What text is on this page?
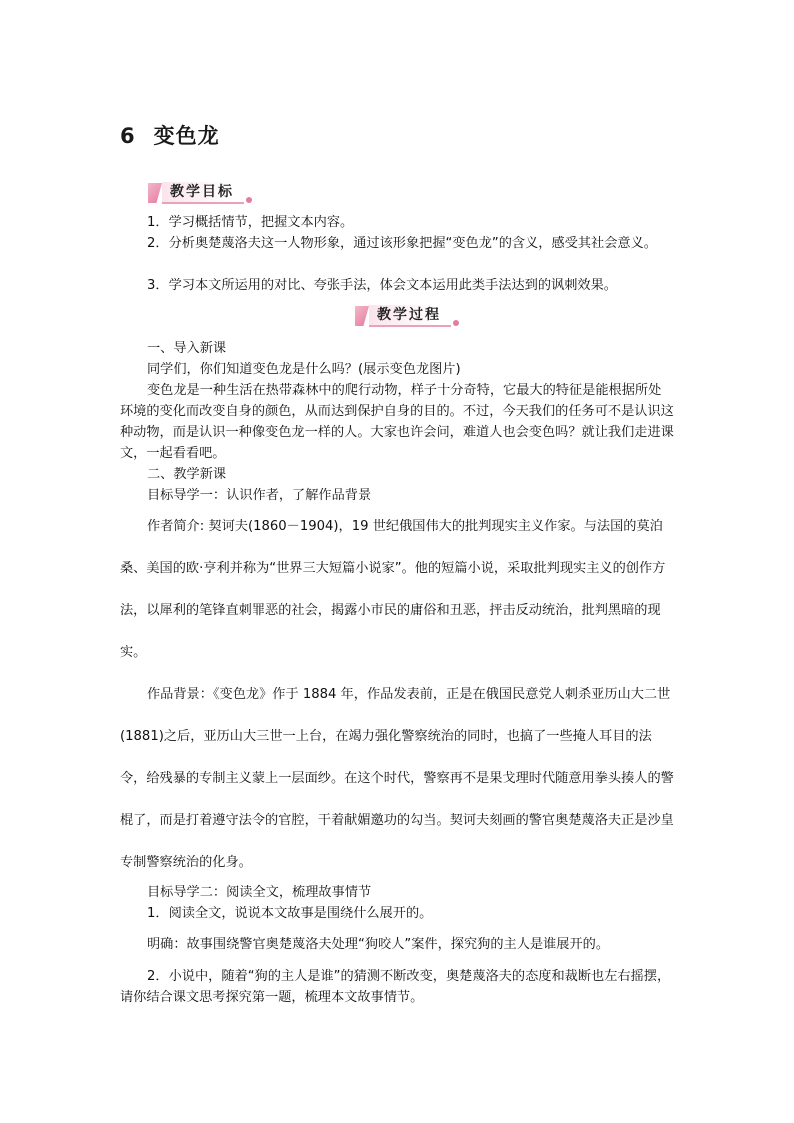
6 变色龙
教学目标
1．学习概括情节，把握文本内容。
2．分析奥楚蔑洛夫这一人物形象，通过该形象把握“变色龙”的含义，感受其社会意义。
3．学习本文所运用的对比、夸张手法，体会文本运用此类手法达到的讽刺效果。
教学过程
一、导入新课
同学们，你们知道变色龙是什么吗？(展示变色龙图片)
变色龙是一种生活在热带森林中的爬行动物，样子十分奇特，它最大的特征是能根据所处环境的变化而改变自身的颜色，从而达到保护自身的目的。不过，今天我们的任务可不是认识这种动物，而是认识一种像变色龙一样的人。大家也许会问，难道人也会变色吗？就让我们走进课文，一起看看吧。
二、教学新课
目标导学一：认识作者，了解作品背景
作者简介: 契诃夫(1860－1904)，19 世纪俄国伟大的批判现实主义作家。与法国的莫泊桑、美国的欧·亨利并称为“世界三大短篇小说家”。他的短篇小说，采取批判现实主义的创作方法，以犀利的笔锋直刺罪恶的社会，揭露小市民的庸俗和丑恶，抨击反动统治，批判黑暗的现实。
作品背景：《变色龙》作于 1884 年，作品发表前，正是在俄国民意党人刺杀亚历山大二世(1881)之后，亚历山大三世一上台，在竭力强化警察统治的同时，也搞了一些掩人耳目的法令，给残暴的专制主义蒙上一层面纱。在这个时代，警察再不是果戈理时代随意用拳头揍人的警棍了，而是打着遵守法令的官腔，干着献媚邀功的勾当。契诃夫刻画的警官奥楚蔑洛夫正是沙皇专制警察统治的化身。
目标导学二：阅读全文，梳理故事情节
1．阅读全文，说说本文故事是围绕什么展开的。
明确：故事围绕警官奥楚蔑洛夫处理“狗咬人”案件，探究狗的主人是谁展开的。
2．小说中，随着“狗的主人是谁”的猜测不断改变，奥楚蔑洛夫的态度和裁断也左右摇摆，请你结合课文思考探究第一题，梳理本文故事情节。
